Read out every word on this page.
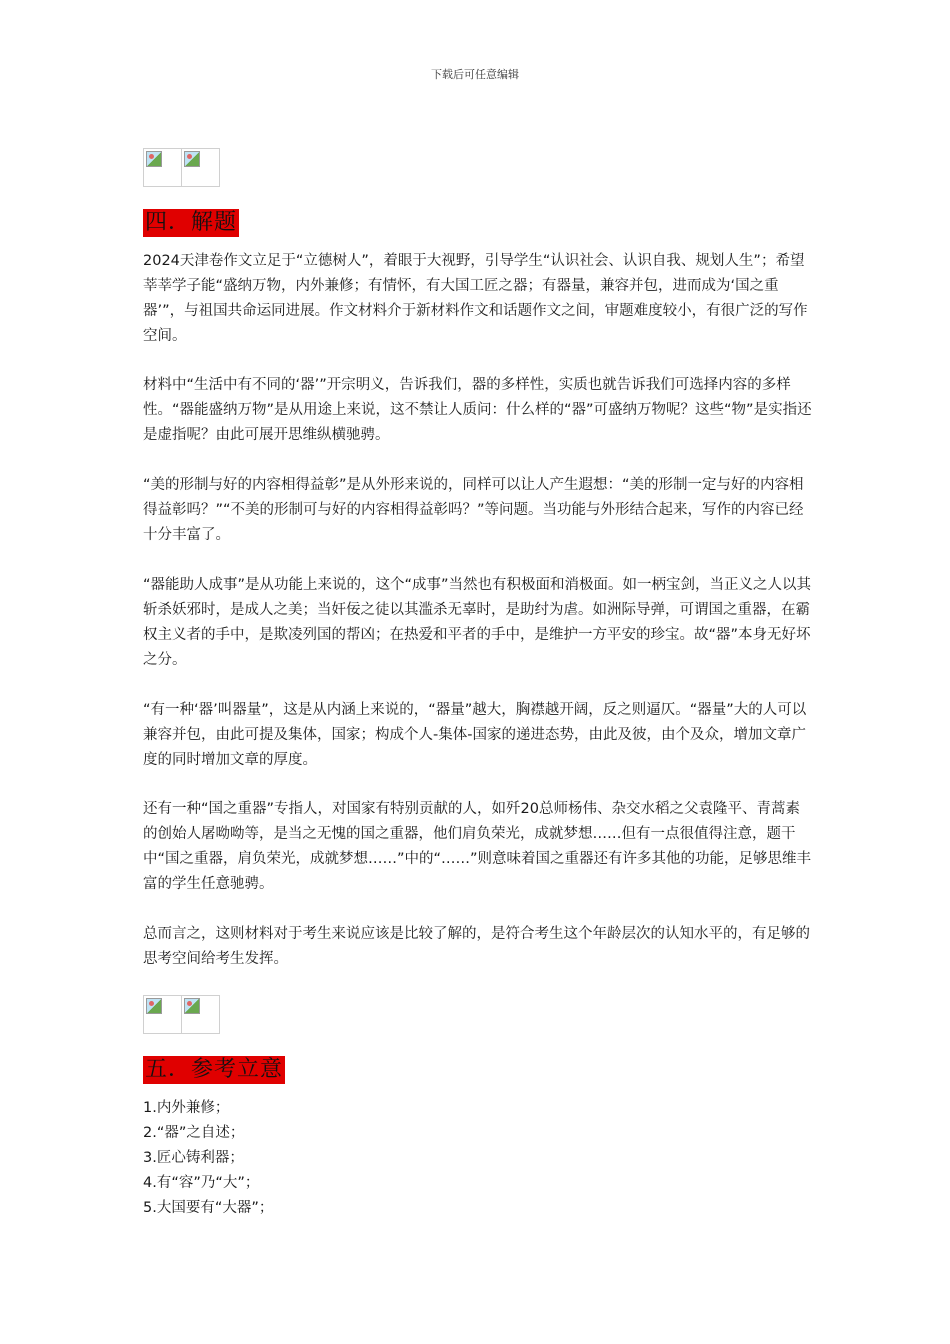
下载后可任意编辑
四．解题

2024天津卷作文立足于“立德树人”，着眼于大视野，引导学生“认识社会、认识自我、规划人生”；希望莘莘学子能“盛纳万物，内外兼修；有情怀，有大国工匠之器；有器量，兼容并包，进而成为‘国之重器’”，与祖国共命运同进展。作文材料介于新材料作文和话题作文之间，审题难度较小，有很广泛的写作空间。

材料中“生活中有不同的‘器’”开宗明义，告诉我们，器的多样性，实质也就告诉我们可选择内容的多样性。“器能盛纳万物”是从用途上来说，这不禁让人质问：什么样的“器”可盛纳万物呢？这些“物”是实指还是虚指呢？由此可展开思维纵横驰骋。

“美的形制与好的内容相得益彰”是从外形来说的，同样可以让人产生遐想：“美的形制一定与好的内容相得益彰吗？”“不美的形制可与好的内容相得益彰吗？”等问题。当功能与外形结合起来，写作的内容已经十分丰富了。

“器能助人成事”是从功能上来说的，这个“成事”当然也有积极面和消极面。如一柄宝剑，当正义之人以其斩杀妖邪时，是成人之美；当奸佞之徒以其滥杀无辜时，是助纣为虐。如洲际导弹，可谓国之重器，在霸权主义者的手中，是欺凌列国的帮凶；在热爱和平者的手中，是维护一方平安的珍宝。故“器”本身无好坏之分。

“有一种‘器’叫器量”，这是从内涵上来说的，“器量”越大，胸襟越开阔，反之则逼仄。“器量”大的人可以兼容并包，由此可提及集体，国家；构成个人-集体-国家的递进态势，由此及彼，由个及众，增加文章广度的同时增加文章的厚度。

还有一种“国之重器”专指人，对国家有特别贡献的人，如歼20总师杨伟、杂交水稻之父袁隆平、青蒿素的创始人屠呦呦等，是当之无愧的国之重器，他们肩负荣光，成就梦想……但有一点很值得注意，题干中“国之重器，肩负荣光，成就梦想……”中的“……”则意味着国之重器还有许多其他的功能，足够思维丰富的学生任意驰骋。

总而言之，这则材料对于考生来说应该是比较了解的，是符合考生这个年龄层次的认知水平的，有足够的思考空间给考生发挥。

五．参考立意

1.内外兼修；

2.“器”之自述；

3.匠心铸利器；

4.有“容”乃“大”；

5.大国要有“大器”；
